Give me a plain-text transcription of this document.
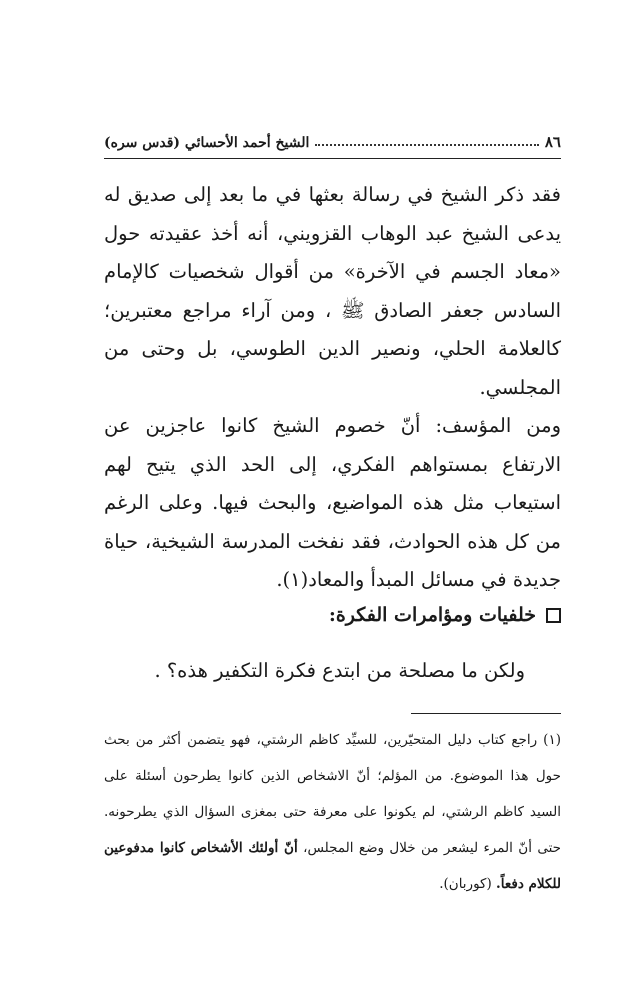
٨٦
الشيخ أحمد الأحسائي (قدس سره)

فقد ذكر الشيخ في رسالة بعثها في ما بعد إلى صديق له يدعى الشيخ عبد الوهاب القزويني، أنه أخذ عقيدته حول «معاد الجسم في الآخرة» من أقوال شخصيات كالإمام السادس جعفر الصادق ﷺ ، ومن آراء مراجع معتبرين؛ كالعلامة الحلي، ونصير الدين الطوسي، بل وحتى من المجلسي.

ومن المؤسف: أنّ خصوم الشيخ كانوا عاجزين عن الارتفاع بمستواهم الفكري، إلى الحد الذي يتيح لهم استيعاب مثل هذه المواضيع، والبحث فيها. وعلى الرغم من كل هذه الحوادث، فقد نفخت المدرسة الشيخية، حياة جديدة في مسائل المبدأ والمعاد(١).

خلفيات ومؤامرات الفكرة:
ولكن ما مصلحة من ابتدع فكرة التكفير هذه؟ .

(١) راجع كتاب دليل المتحيّرين، للسيِّد كاظم الرشتي، فهو يتضمن أكثر من بحث حول هذا الموضوع. من المؤلم؛ أنّ الاشخاص الذين كانوا يطرحون أسئلة على السيد كاظم الرشتي، لم يكونوا على معرفة حتى بمغزى السؤال الذي يطرحونه. حتى أنّ المرء ليشعر من خلال وضع المجلس، أنّ أولئك الأشخاص كانوا مدفوعين للكلام دفعاً. (كوربان).
